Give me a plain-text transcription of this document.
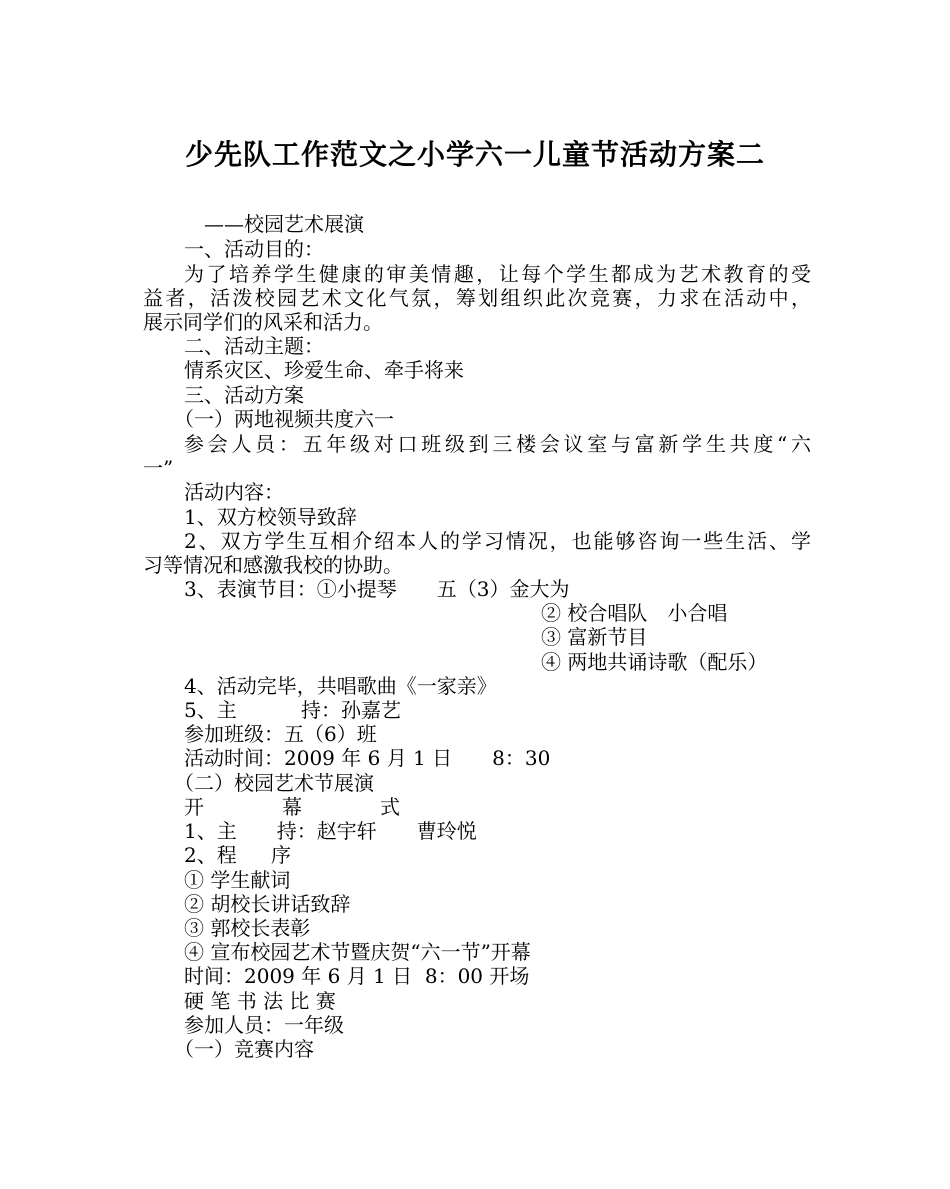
少先队工作范文之小学六一儿童节活动方案二

——校园艺术展演

一、活动目的：

为了培养学生健康的审美情趣，让每个学生都成为艺术教育的受

益者，活泼校园艺术文化气氛，筹划组织此次竞赛，力求在活动中，

展示同学们的风采和活力。

二、活动主题：

情系灾区、珍爱生命、牵手将来

三、活动方案

（一）两地视频共度六一

参会人员：五年级对口班级到三楼会议室与富新学生共度“六

一”

活动内容：

1、双方校领导致辞

2、双方学生互相介绍本人的学习情况，也能够咨询一些生活、学

习等情况和感激我校的协助。

3、表演节目：①小提琴　　五（3）金大为

② 校合唱队　小合唱

③ 富新节目

④ 两地共诵诗歌（配乐）

4、活动完毕，共唱歌曲《一家亲》

5、主	持： 孙嘉艺

参加班级：五（6）班

活动时间：2009 年 6 月 1 日　　8：30

（二）校园艺术节展演

开	幕	式

1、主　　持：赵宇轩　　曹玲悦

2、程 序

① 学生献词

② 胡校长讲话致辞

③ 郭校长表彰

④ 宣布校园艺术节暨庆贺“六一节”开幕

时间：2009 年 6 月 1 日  8：00 开场

硬 笔 书 法 比 赛

参加人员：一年级

（一）竞赛内容
